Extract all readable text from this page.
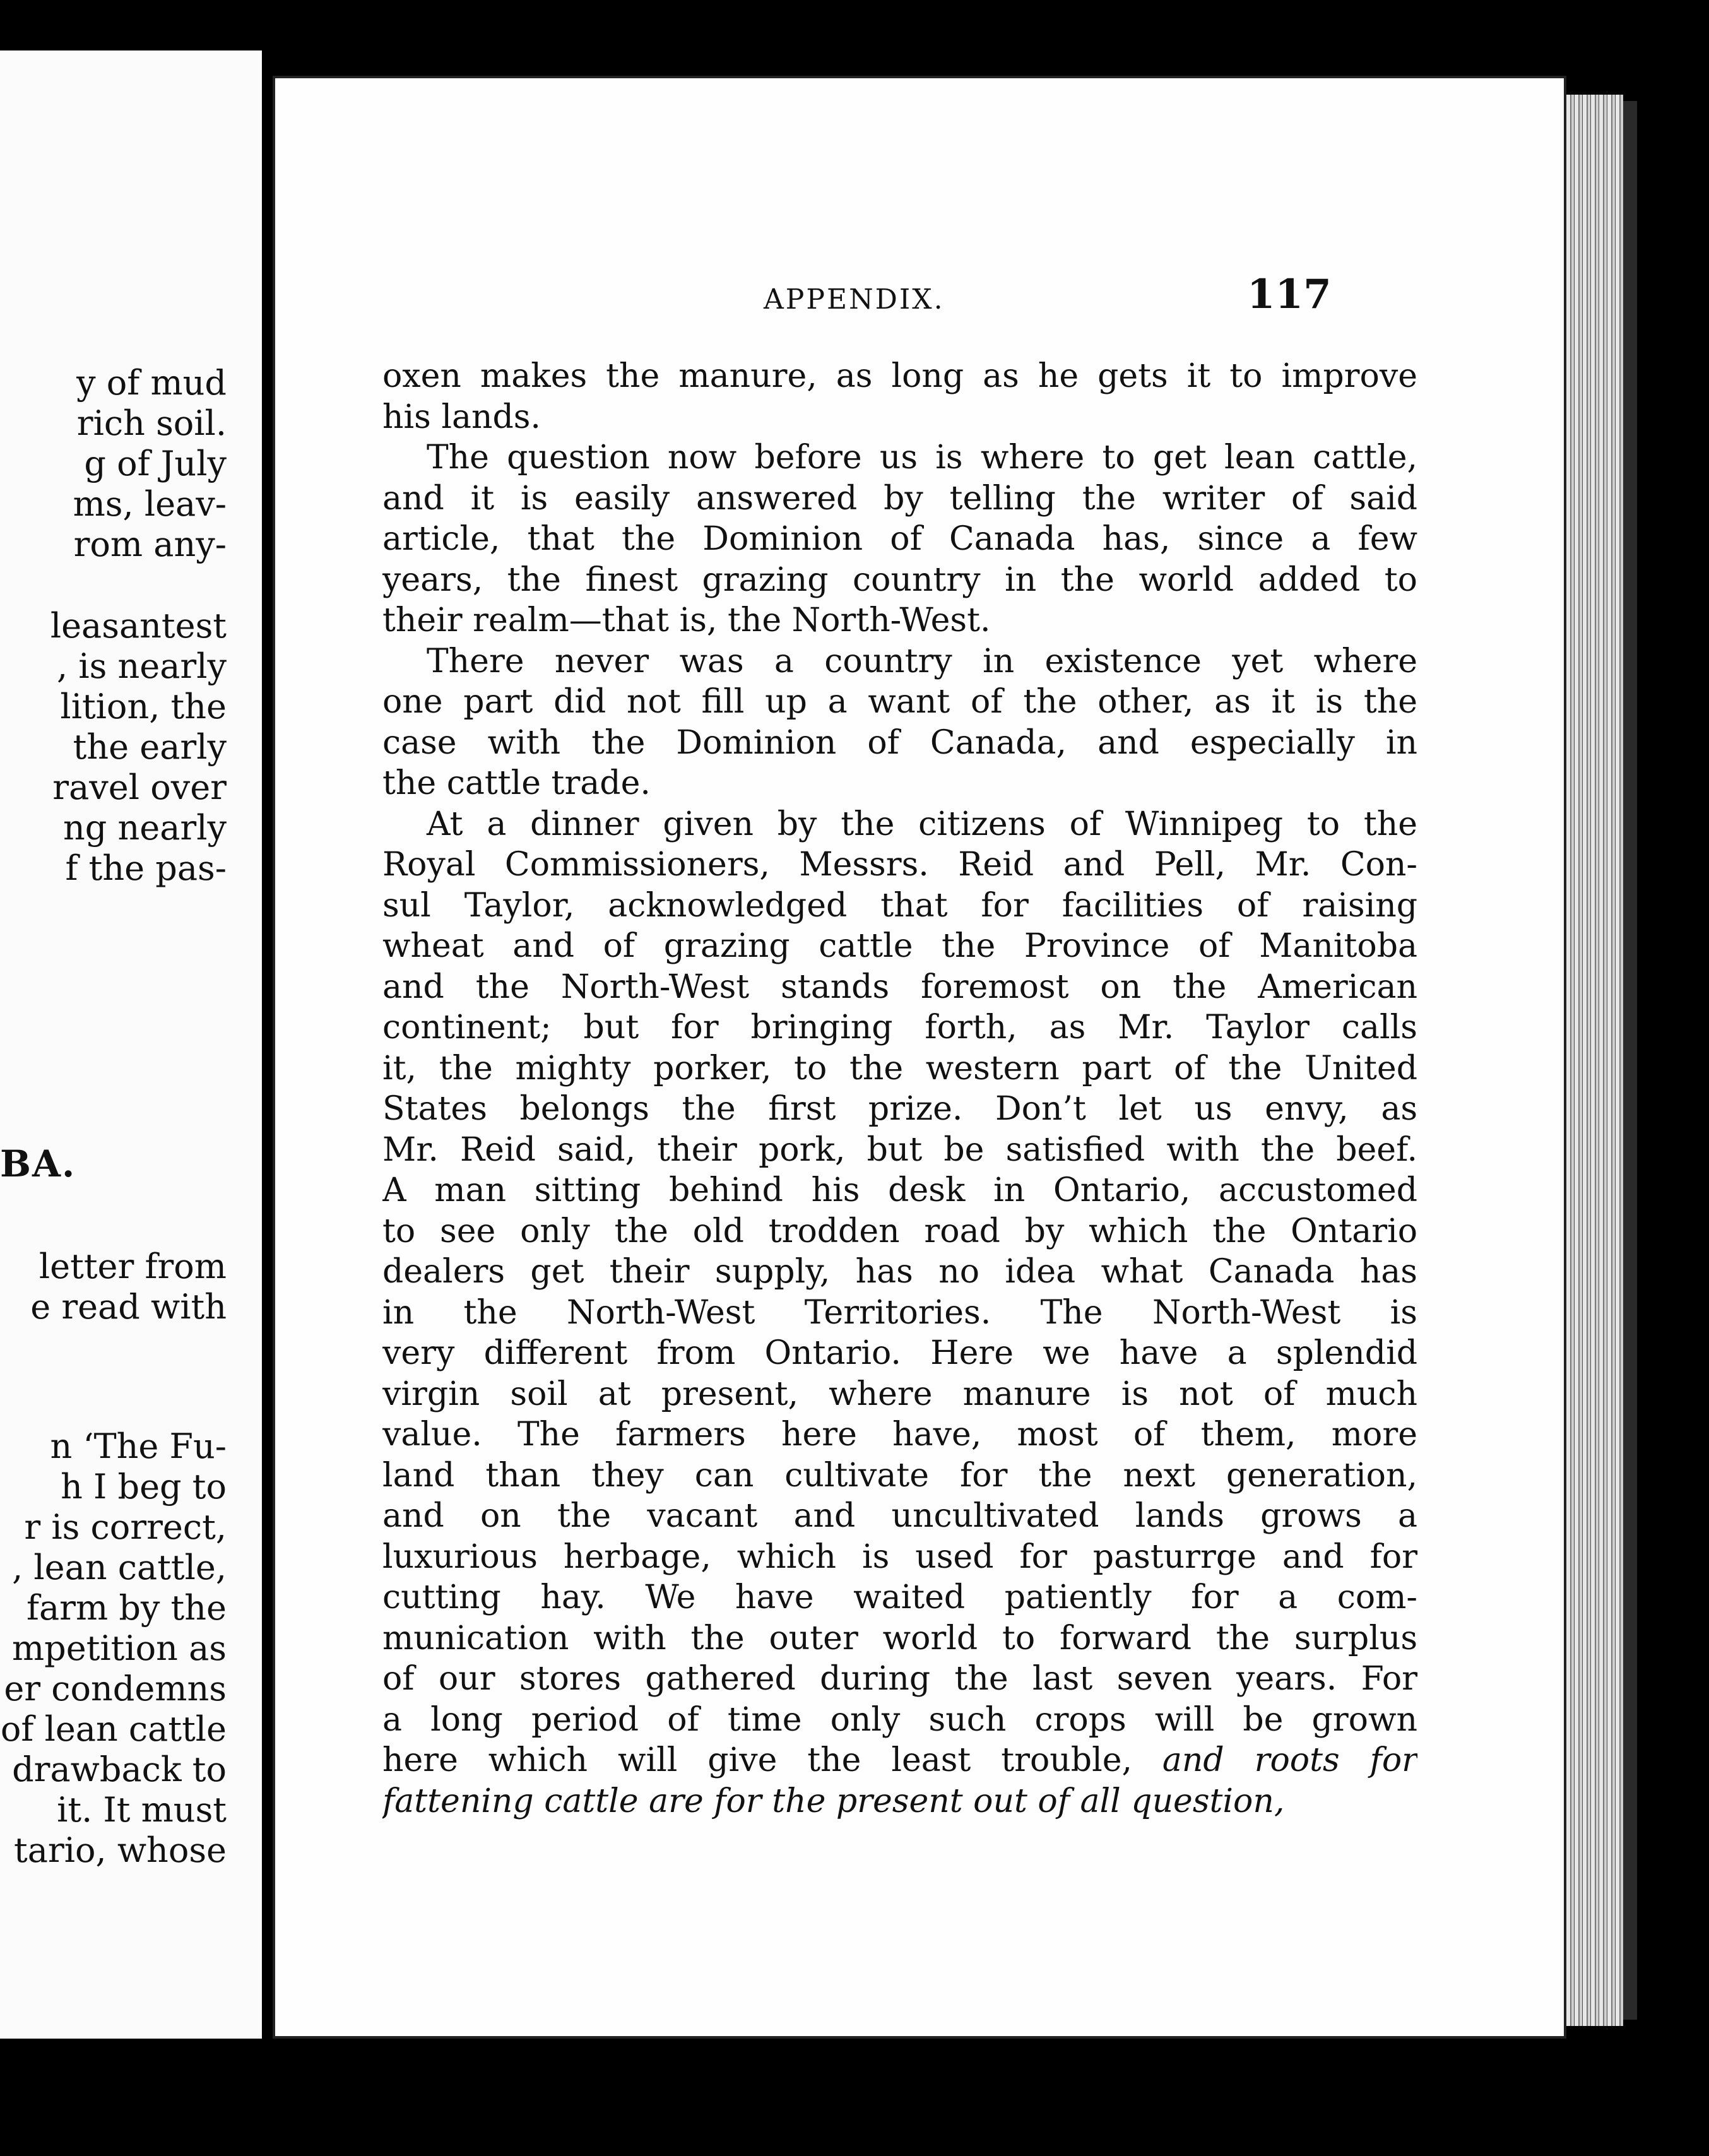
y of mud
rich soil.
g of July
ms, leav-
rom any-
leasantest
, is nearly
lition, the
the early
ravel over
ng nearly
f the pas-
BA.
letter from
e read with
n ‘The Fu-
h I beg to
r is correct,
, lean cattle,
farm by the
mpetition as
er condemns
of lean cattle
drawback to
it. It must
tario, whose
APPENDIX.	117
oxen makes the manure, as long as he gets it to improve
his lands.
The question now before us is where to get lean cattle,
and it is easily answered by telling the writer of said
article, that the Dominion of Canada has, since a few
years, the finest grazing country in the world added to
their realm—that is, the North-West.
There never was a country in existence yet where
one part did not fill up a want of the other, as it is the
case with the Dominion of Canada, and especially in
the cattle trade.
At a dinner given by the citizens of Winnipeg to the
Royal Commissioners, Messrs. Reid and Pell, Mr. Con-
sul Taylor, acknowledged that for facilities of raising
wheat and of grazing cattle the Province of Manitoba
and the North-West stands foremost on the American
continent; but for bringing forth, as Mr. Taylor calls
it, the mighty porker, to the western part of the United
States belongs the first prize. Don’t let us envy, as
Mr. Reid said, their pork, but be satisfied with the beef.
A man sitting behind his desk in Ontario, accustomed
to see only the old trodden road by which the Ontario
dealers get their supply, has no idea what Canada has
in the North-West Territories. The North-West is
very different from Ontario. Here we have a splendid
virgin soil at present, where manure is not of much
value. The farmers here have, most of them, more
land than they can cultivate for the next generation,
and on the vacant and uncultivated lands grows a
luxurious herbage, which is used for pasturrge and for
cutting hay. We have waited patiently for a com-
munication with the outer world to forward the surplus
of our stores gathered during the last seven years. For
a long period of time only such crops will be grown
here which will give the least trouble, and roots for
fattening cattle are for the present out of all question,
